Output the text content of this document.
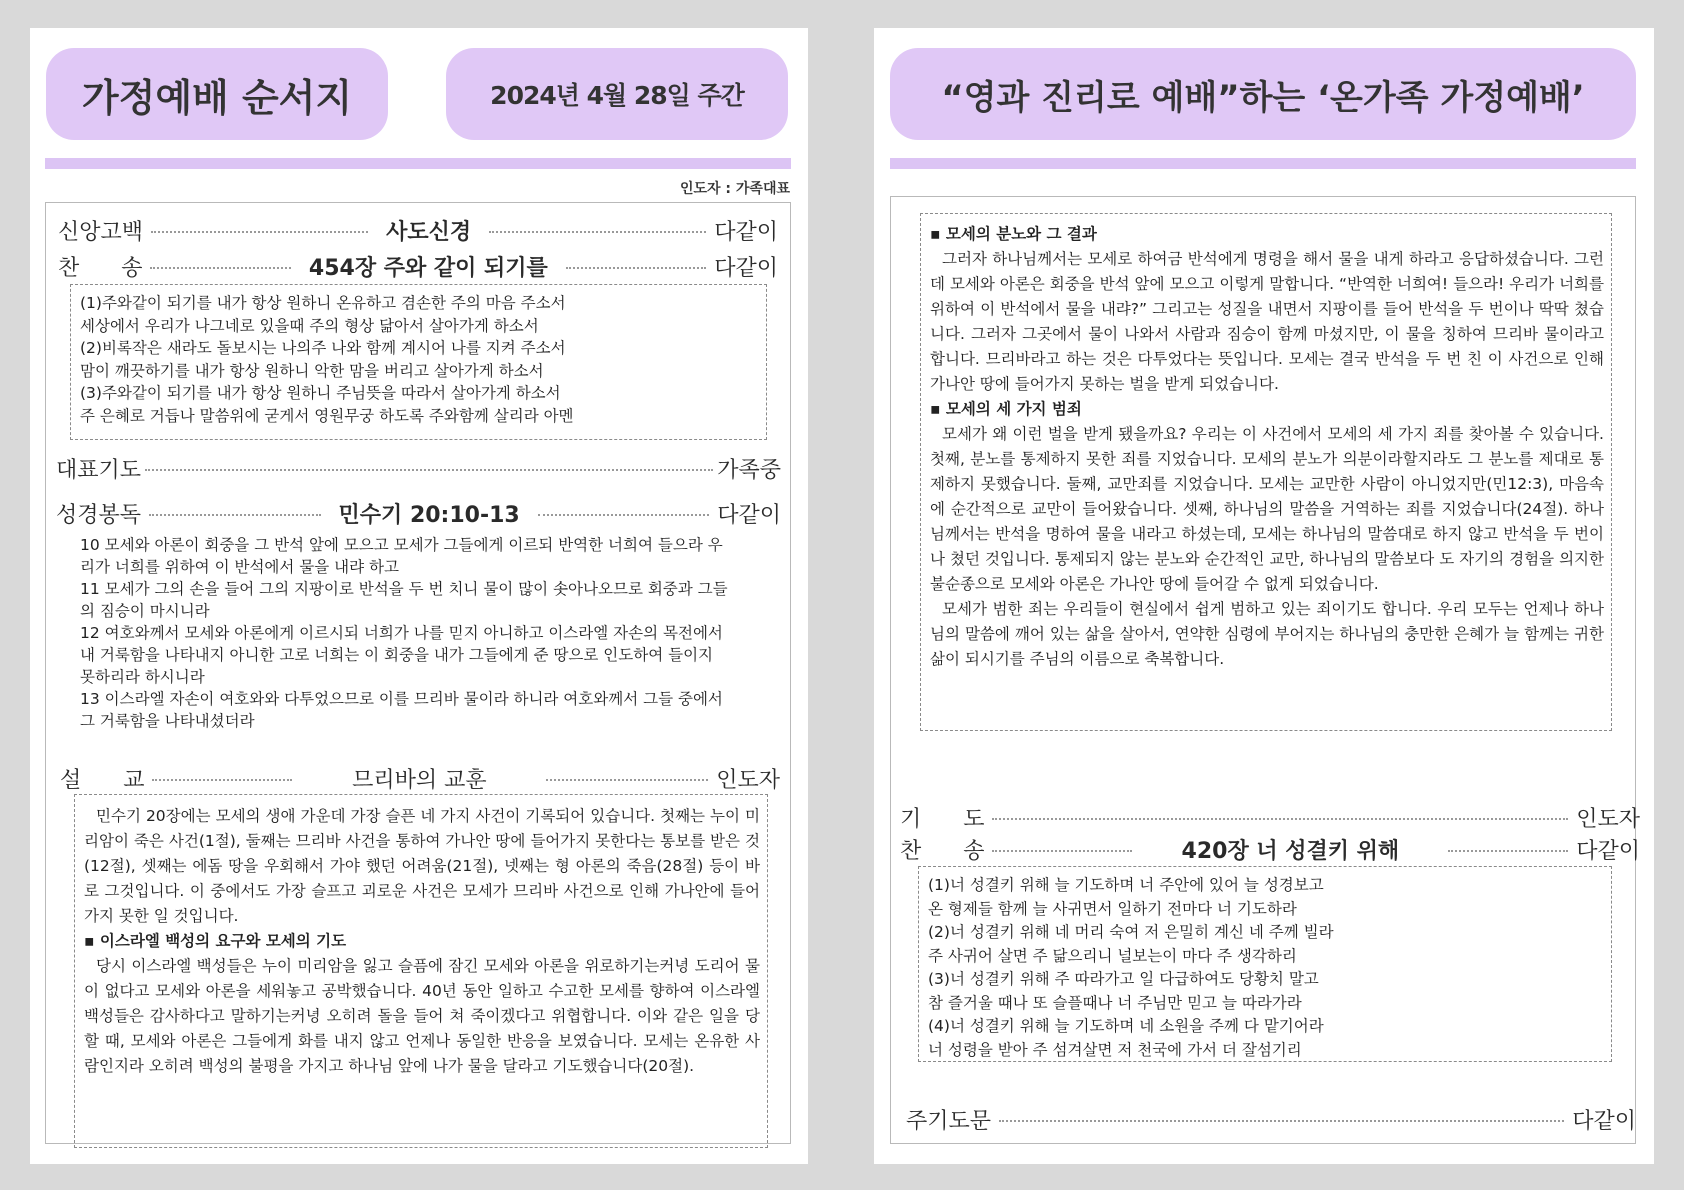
가정예배 순서지	2024년 4월 28일 주간
인도자 : 가족대표
신앙고백	사도신경	다같이
찬      송	454장 주와 같이 되기를	다같이

(1)주와같이 되기를 내가 항상 원하니 온유하고 겸손한 주의 마음 주소서

세상에서 우리가 나그네로 있을때 주의 형상 닮아서 살아가게 하소서

(2)비록작은 새라도 돌보시는 나의주 나와 함께 계시어 나를 지켜 주소서

맘이 깨끗하기를 내가 항상 원하니 악한 맘을 버리고 살아가게 하소서

(3)주와같이 되기를 내가 항상 원하니 주님뜻을 따라서 살아가게 하소서

주 은혜로 거듭나 말씀위에 굳게서 영원무궁 하도록 주와함께 살리라 아멘

대표기도	가족중
성경봉독	민수기 20:10-13	다같이

10 모세와 아론이 회중을 그 반석 앞에 모으고 모세가 그들에게 이르되 반역한 너희여 들으라 우

리가 너희를 위하여 이 반석에서 물을 내랴 하고

11 모세가 그의 손을 들어 그의 지팡이로 반석을 두 번 치니 물이 많이 솟아나오므로 회중과 그들

의 짐승이 마시니라

12 여호와께서 모세와 아론에게 이르시되 너희가 나를 믿지 아니하고 이스라엘 자손의 목전에서

내 거룩함을 나타내지 아니한 고로 너희는 이 회중을 내가 그들에게 준 땅으로 인도하여 들이지

못하리라 하시니라

13 이스라엘 자손이 여호와와 다투었으므로 이를 므리바 물이라 하니라 여호와께서 그들 중에서

그 거룩함을 나타내셨더라

설      교	므리바의 교훈	인도자

민수기 20장에는 모세의 생애 가운데 가장 슬픈 네 가지 사건이 기록되어 있습니다. 첫째는 누이 미리암이 죽은 사건(1절), 둘째는 므리바 사건을 통하여 가나안 땅에 들어가지 못한다는 통보를 받은 것(12절), 셋째는 에돔 땅을 우회해서 가야 했던 어려움(21절), 넷째는 형 아론의 죽음(28절) 등이 바로 그것입니다. 이 중에서도 가장 슬프고 괴로운 사건은 모세가 므리바 사건으로 인해 가나안에 들어가지 못한 일 것입니다.

▪ 이스라엘 백성의 요구와 모세의 기도

당시 이스라엘 백성들은 누이 미리암을 잃고 슬픔에 잠긴 모세와 아론을 위로하기는커녕 도리어 물이 없다고 모세와 아론을 세워놓고 공박했습니다. 40년 동안 일하고 수고한 모세를 향하여 이스라엘 백성들은 감사하다고 말하기는커녕 오히려 돌을 들어 쳐 죽이겠다고 위협합니다. 이와 같은 일을 당할 때, 모세와 아론은 그들에게 화를 내지 않고 언제나 동일한 반응을 보였습니다. 모세는 온유한 사람인지라 오히려 백성의 불평을 가지고 하나님 앞에 나가 물을 달라고 기도했습니다(20절).

“영과 진리로 예배”하는 ‘온가족 가정예배’
▪ 모세의 분노와 그 결과

그러자 하나님께서는 모세로 하여금 반석에게 명령을 해서 물을 내게 하라고 응답하셨습니다. 그런데 모세와 아론은 회중을 반석 앞에 모으고 이렇게 말합니다. “반역한 너희여! 들으라! 우리가 너희를 위하여 이 반석에서 물을 내랴?” 그리고는 성질을 내면서 지팡이를 들어 반석을 두 번이나 딱딱 쳤습니다. 그러자 그곳에서 물이 나와서 사람과 짐승이 함께 마셨지만, 이 물을 칭하여 므리바 물이라고 합니다. 므리바라고 하는 것은 다투었다는 뜻입니다. 모세는 결국 반석을 두 번 친 이 사건으로 인해 가나안 땅에 들어가지 못하는 벌을 받게 되었습니다.

▪ 모세의 세 가지 범죄

모세가 왜 이런 벌을 받게 됐을까요? 우리는 이 사건에서 모세의 세 가지 죄를 찾아볼 수 있습니다. 첫째, 분노를 통제하지 못한 죄를 지었습니다. 모세의 분노가 의분이라할지라도 그 분노를 제대로 통제하지 못했습니다. 둘째, 교만죄를 지었습니다. 모세는 교만한 사람이 아니었지만(민12:3), 마음속에 순간적으로 교만이 들어왔습니다. 셋째, 하나님의 말씀을 거역하는 죄를 지었습니다(24절). 하나님께서는 반석을 명하여 물을 내라고 하셨는데, 모세는 하나님의 말씀대로 하지 않고 반석을 두 번이나 쳤던 것입니다. 통제되지 않는 분노와 순간적인 교만, 하나님의 말씀보다 도 자기의 경험을 의지한 불순종으로 모세와 아론은 가나안 땅에 들어갈 수 없게 되었습니다.

모세가 범한 죄는 우리들이 현실에서 쉽게 범하고 있는 죄이기도 합니다. 우리 모두는 언제나 하나님의 말씀에 깨어 있는 삶을 살아서, 연약한 심령에 부어지는 하나님의 충만한 은혜가 늘 함께는 귀한 삶이 되시기를 주님의 이름으로 축복합니다.

기      도	인도자
찬      송	420장 너 성결키 위해	다같이

(1)너 성결키 위해 늘 기도하며 너 주안에 있어 늘 성경보고

온 형제들 함께 늘 사귀면서 일하기 전마다 너 기도하라

(2)너 성결키 위해 네 머리 숙여 저 은밀히 계신 네 주께 빌라

주 사귀어 살면 주 닮으리니 널보는이 마다 주 생각하리

(3)너 성결키 위해 주 따라가고 일 다급하여도 당황치 말고

참 즐거울 때나 또 슬플때나 너 주님만 믿고 늘 따라가라

(4)너 성결키 위해 늘 기도하며 네 소원을 주께 다 맡기어라

너 성령을 받아 주 섬겨살면 저 천국에 가서 더 잘섬기리

주기도문	다같이
